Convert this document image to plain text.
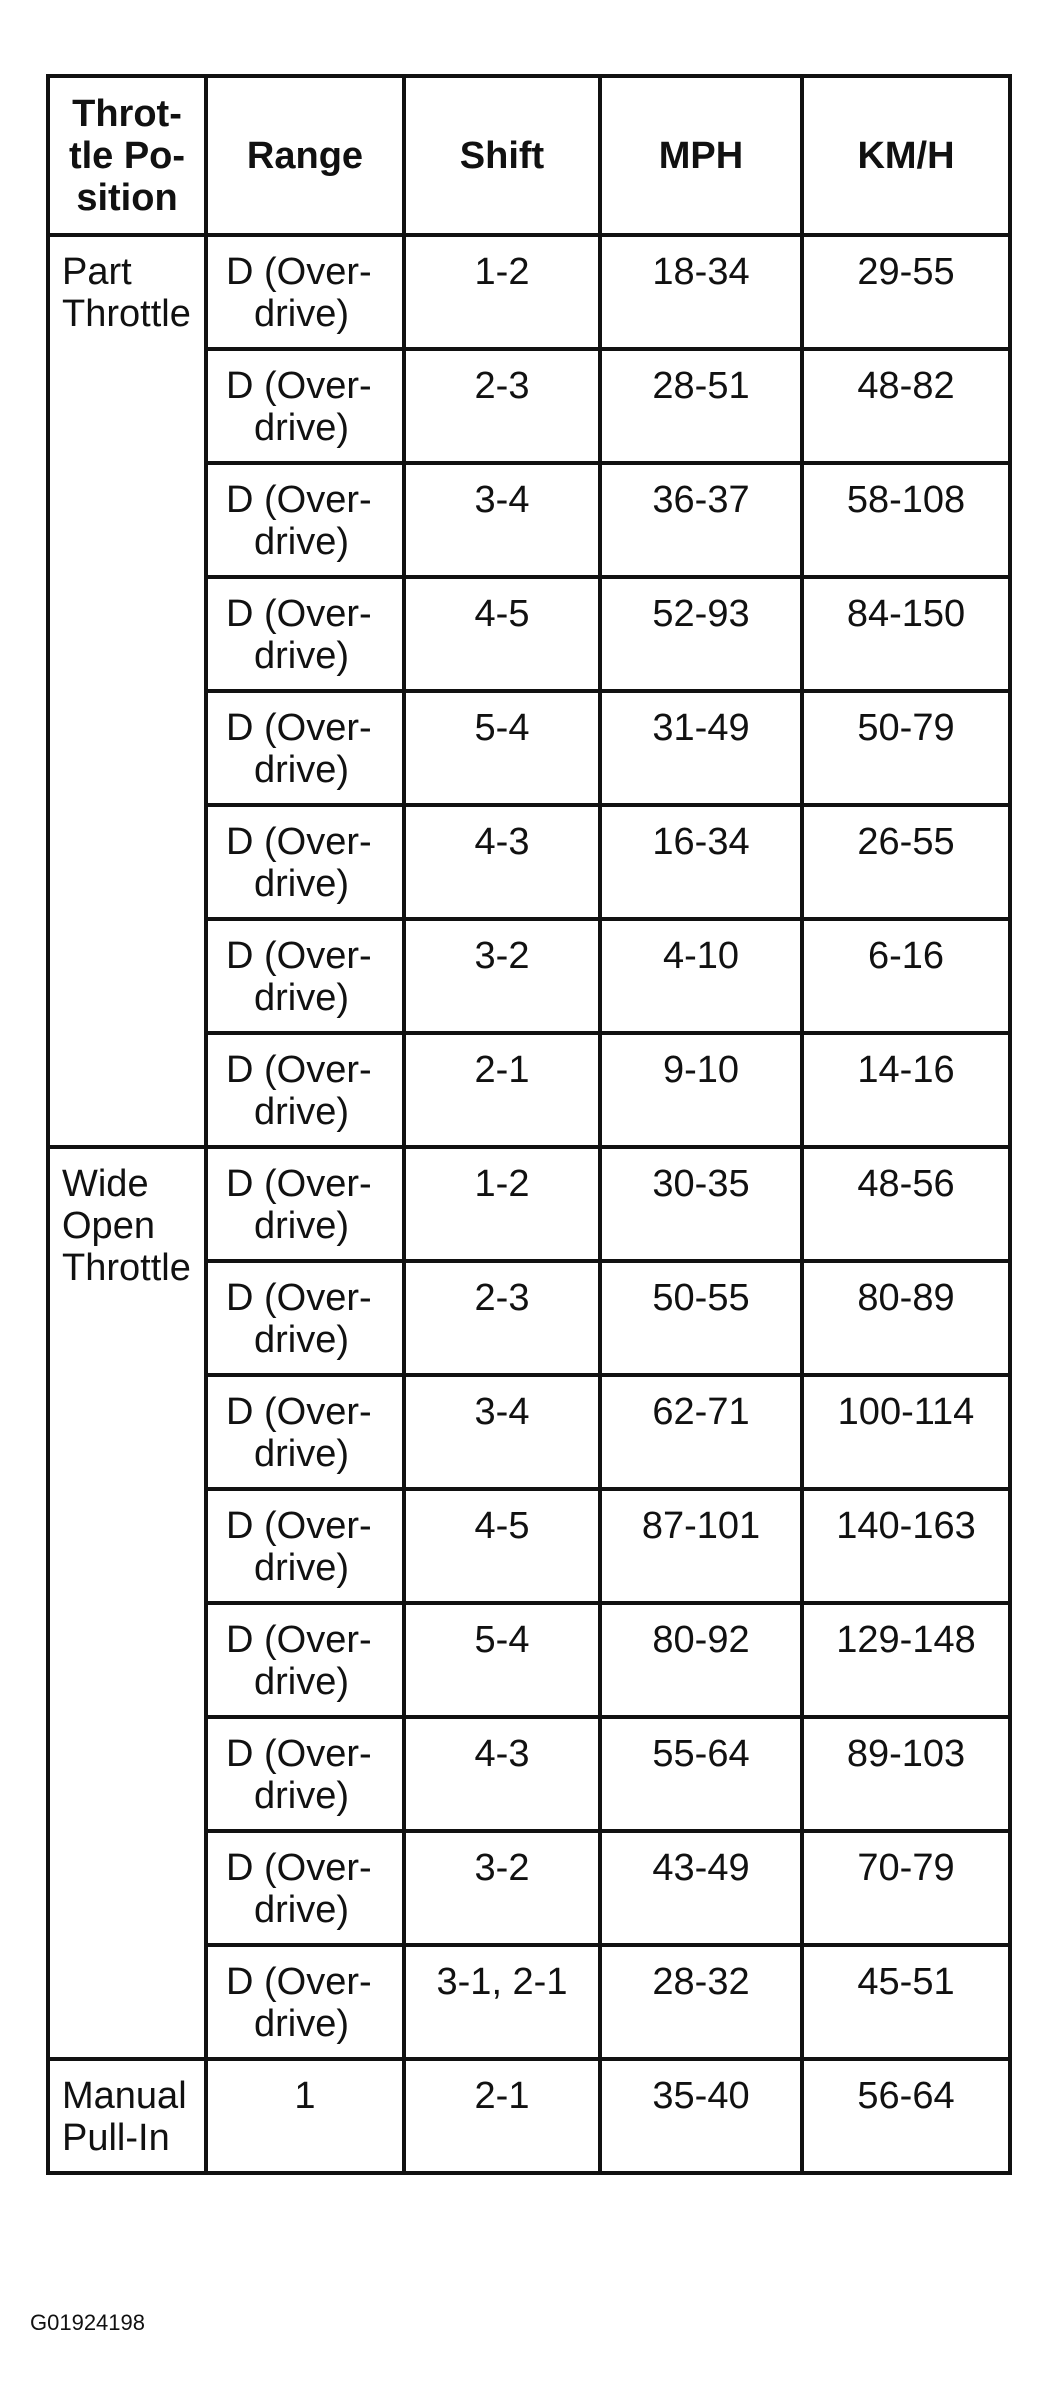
Throt-
tle Po-
sition	Range	Shift	MPH	KM/H

Part
Throttle	D (Over-
drive)	1-2	18-34	29-55

	D (Over-
drive)	2-3	28-51	48-82

	D (Over-
drive)	3-4	36-37	58-108

	D (Over-
drive)	4-5	52-93	84-150

	D (Over-
drive)	5-4	31-49	50-79

	D (Over-
drive)	4-3	16-34	26-55

	D (Over-
drive)	3-2	4-10	6-16

	D (Over-
drive)	2-1	9-10	14-16

Wide
Open
Throttle	D (Over-
drive)	1-2	30-35	48-56

	D (Over-
drive)	2-3	50-55	80-89

	D (Over-
drive)	3-4	62-71	100-114

	D (Over-
drive)	4-5	87-101	140-163

	D (Over-
drive)	5-4	80-92	129-148

	D (Over-
drive)	4-3	55-64	89-103

	D (Over-
drive)	3-2	43-49	70-79

	D (Over-
drive)	3-1, 2-1	28-32	45-51

Manual
Pull-In	1	2-1	35-40	56-64
G01924198
